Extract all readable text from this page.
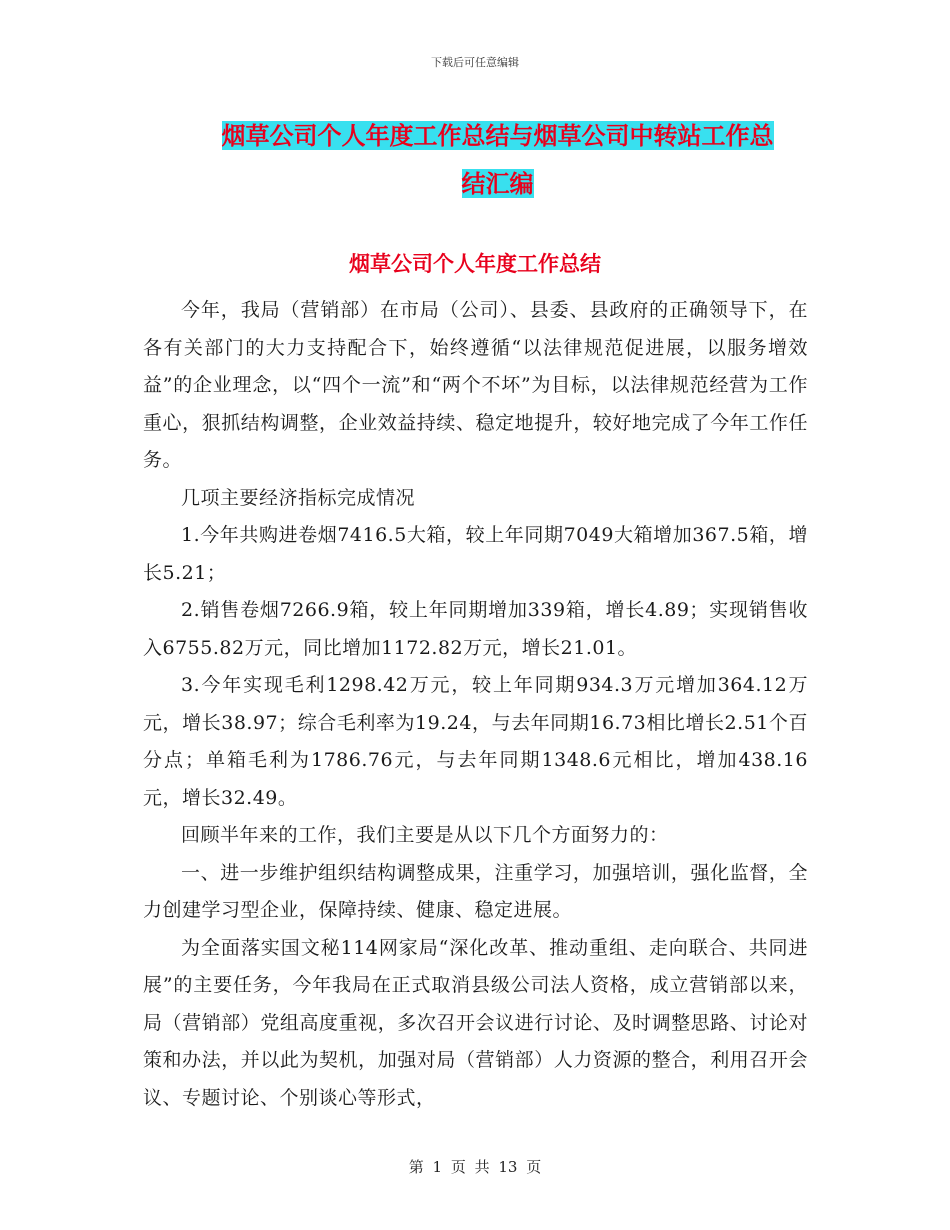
下载后可任意编辑
烟草公司个人年度工作总结与烟草公司中转站工作总
结汇编
烟草公司个人年度工作总结

今年，我局（营销部）在市局（公司）、县委、县政府的正确领导下，在各有关部门的大力支持配合下，始终遵循“以法律规范促进展，以服务增效益”的企业理念，以“四个一流”和“两个不坏”为目标，以法律规范经营为工作重心，狠抓结构调整，企业效益持续、稳定地提升，较好地完成了今年工作任务。

几项主要经济指标完成情况

1.今年共购进卷烟7416.5大箱，较上年同期7049大箱增加367.5箱，增长5.21；

2.销售卷烟7266.9箱，较上年同期增加339箱，增长4.89；实现销售收入6755.82万元，同比增加1172.82万元，增长21.01。

3.今年实现毛利1298.42万元，较上年同期934.3万元增加364.12万元，增长38.97；综合毛利率为19.24，与去年同期16.73相比增长2.51个百分点；单箱毛利为1786.76元，与去年同期1348.6元相比，增加438.16元，增长32.49。

回顾半年来的工作，我们主要是从以下几个方面努力的：

一、进一步维护组织结构调整成果，注重学习，加强培训，强化监督，全力创建学习型企业，保障持续、健康、稳定进展。

为全面落实国文秘114网家局“深化改革、推动重组、走向联合、共同进展”的主要任务，今年我局在正式取消县级公司法人资格，成立营销部以来，局（营销部）党组高度重视，多次召开会议进行讨论、及时调整思路、讨论对策和办法，并以此为契机，加强对局（营销部）人力资源的整合，利用召开会议、专题讨论、个别谈心等形式，

第 1 页 共 13 页
